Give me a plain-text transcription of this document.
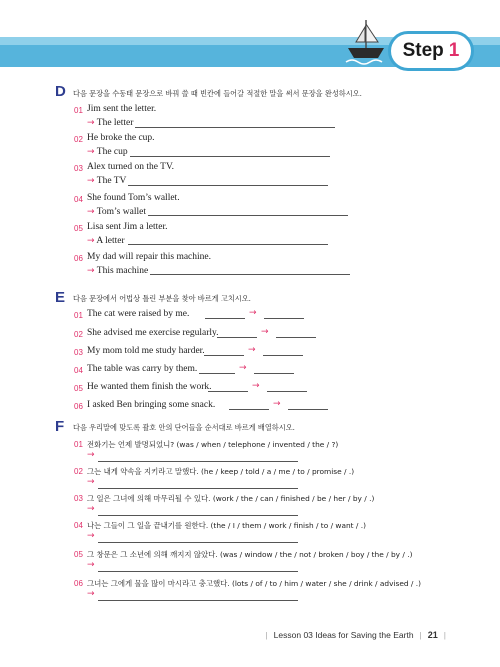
Step 1
D 다음 문장을 수동태 문장으로 바꿔 쓸 때 빈칸에 들어갈 적절한 말을 써서 문장을 완성하시오.
01 Jim sent the letter.
→ The letter
02 He broke the cup.
→ The cup
03 Alex turned on the TV.
→ The TV
04 She found Tom’s wallet.
→ Tom’s wallet
05 Lisa sent Jim a letter.
→ A letter
06 My dad will repair this machine.
→ This machine
E 다음 문장에서 어법상 틀린 부분을 찾아 바르게 고치시오.
01 The cat were raised by me.	→
02 She advised me exercise regularly.	→
03 My mom told me study harder.	→
04 The table was carry by them.	→
05 He wanted them finish the work.	→
06 I asked Ben bringing some snack.	→
F 다음 우리말에 맞도록 괄호 안의 단어들을 순서대로 바르게 배열하시오.
01 전화기는 언제 발명되었니? (was / when / telephone / invented / the / ?)
→
02 그는 내게 약속을 지키라고 말했다. (he / keep / told / a / me / to / promise / .)
→
03 그 일은 그녀에 의해 마무리될 수 있다. (work / the / can / finished / be / her / by / .)
→
04 나는 그들이 그 일을 끝내기를 원한다. (the / I / them / work / finish / to / want / .)
→
05 그 창문은 그 소년에 의해 깨지지 않았다. (was / window / the / not / broken / boy / the / by / .)
→
06 그녀는 그에게 물을 많이 마시라고 충고했다. (lots / of / to / him / water / she / drink / advised / .)
→
| Lesson 03 Ideas for Saving the Earth | 21 |
